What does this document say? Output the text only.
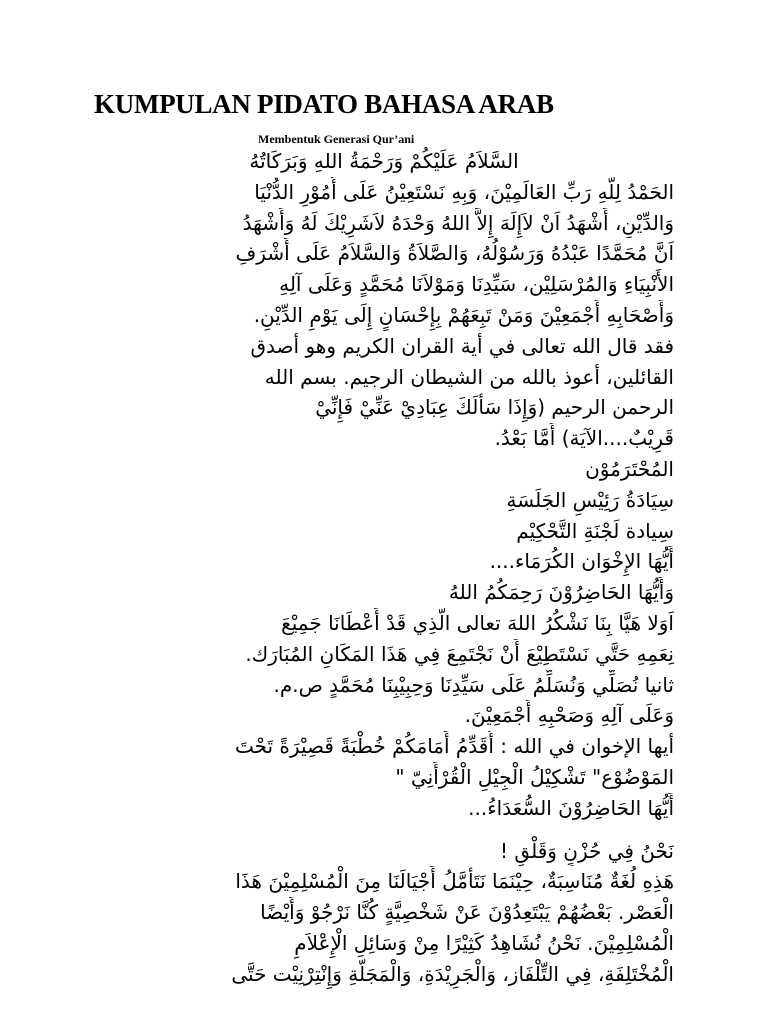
KUMPULAN PIDATO BAHASA ARAB
Membentuk Generasi Qur’ani
السَّلاَمُ عَلَيْكُمْ وَرَحْمَةُ اللهِ وَبَرَكَاتُهُ
الحَمْدُ لِلّهِ رَبِّ العَالَمِيْنَ، وَبِهِ نَسْتَعِيْنُ عَلَى أُمُوْرِ الدُّنْيَا
وَالدِّيْنِ، أَشْهَدُ اَنْ لاَإِلَهَ إِلاَّ اللهُ وَحْدَهُ لاَشَرِيْكَ لَهُ وَأَشْهَدُ
اَنَّ مُحَمَّدًا عَبْدُهُ وَرَسُوْلُهُ، وَالصَّلاَةُ وَالسَّلاَمُ عَلَى أَشْرَفِ
الأَنْبِيَاءِ وَالمُرْسَلِيْن، سَيِّدِنَا وَمَوْلاَنَا مُحَمَّدٍ وَعَلَى آلِهِ
وَأَصْحَابِهِ أَجْمَعِيْنَ وَمَنْ تَبِعَهُمْ بِإِحْسَانٍ إِلَى يَوْمِ الدِّيْنِ.
فقد قال الله تعالى في أية القران الكريم وهو أصدق
القائلين، أعوذ بالله من الشيطان الرجيم. بسم الله
الرحمن الرحيم (وَإِذَا سَأَلَكَ عِبَادِيْ عَنِّيْ فَإِنِّيْ
قَرِيْبٌ....الآيَة) أَمَّا بَعْدُ.
المُحْتَرَمُوْن
سِيَادَةُ رَئِيْسِ الجَلَسَةِ
سِيادة لَجْنَةِ التَّحْكِيْم
أَيُّهَا الإِخْوَان الكُرَمَاء....
وَأَيُّهَا الحَاضِرُوْنَ رَحِمَكُمُ اللهُ
اَوَلا هَيَّا بِنَا نَشْكُرُ اللهَ تعالى الَّذِي قَدْ أَعْطَانَا جَمِيْعَ
نِعَمِهِ حَتَّي نَسْتَطِيْعَ أَنْ نَجْتَمِعَ فِي هَذَا المَكَانِ المُبَارَك.
ثانيا نُصَلِّي وَنُسَلِّمُ عَلَى سَيِّدِنَا وَحِبِيْبِنَا مُحَمَّدٍ ص.م.
وَعَلَى آلِهِ وَصَحْبِهِ أَجْمَعِيْنَ.
أيها الإخوان في الله : أُقَدِّمُ أَمَامَكُمْ خُطْبَةً قَصِيْرَةً تَحْتَ
المَوْضُوْع" تَشْكِيْلُ الْجِيْلِ الْقُرْأَنِيّ "
أَيُّهَا الحَاضِرُوْنَ السُّعَدَاءُ...
نَحْنُ فِي حُزْنٍ وَقَلْقٍ !
هَذِهِ لُغَةٌ مُنَاسِبَةٌ، حِيْنَمَا نَتَأَمَّلُ أَجْيَالَنَا مِنَ الْمُسْلِمِيْنَ هَذَا
الْعَصْر. بَعْضُهُمْ يَبْتَعِدُوْنَ عَنْ شَخْصِيَّةٍ كُنَّا نَرْجُوْ وَأَيْضًا
الْمُسْلِمِيْنَ. نَحْنُ نُشَاهِدُ كَثِيْرًا مِنْ وَسَائِلِ الْإِعْلاَمِ
الْمُخْتَلِفَةِ، فِي التِّلْفَاز، وَالْجَرِيْدَةِ، وَالْمَجَلَّةِ وَإِنْتِرْنِيْت حَتَّى
